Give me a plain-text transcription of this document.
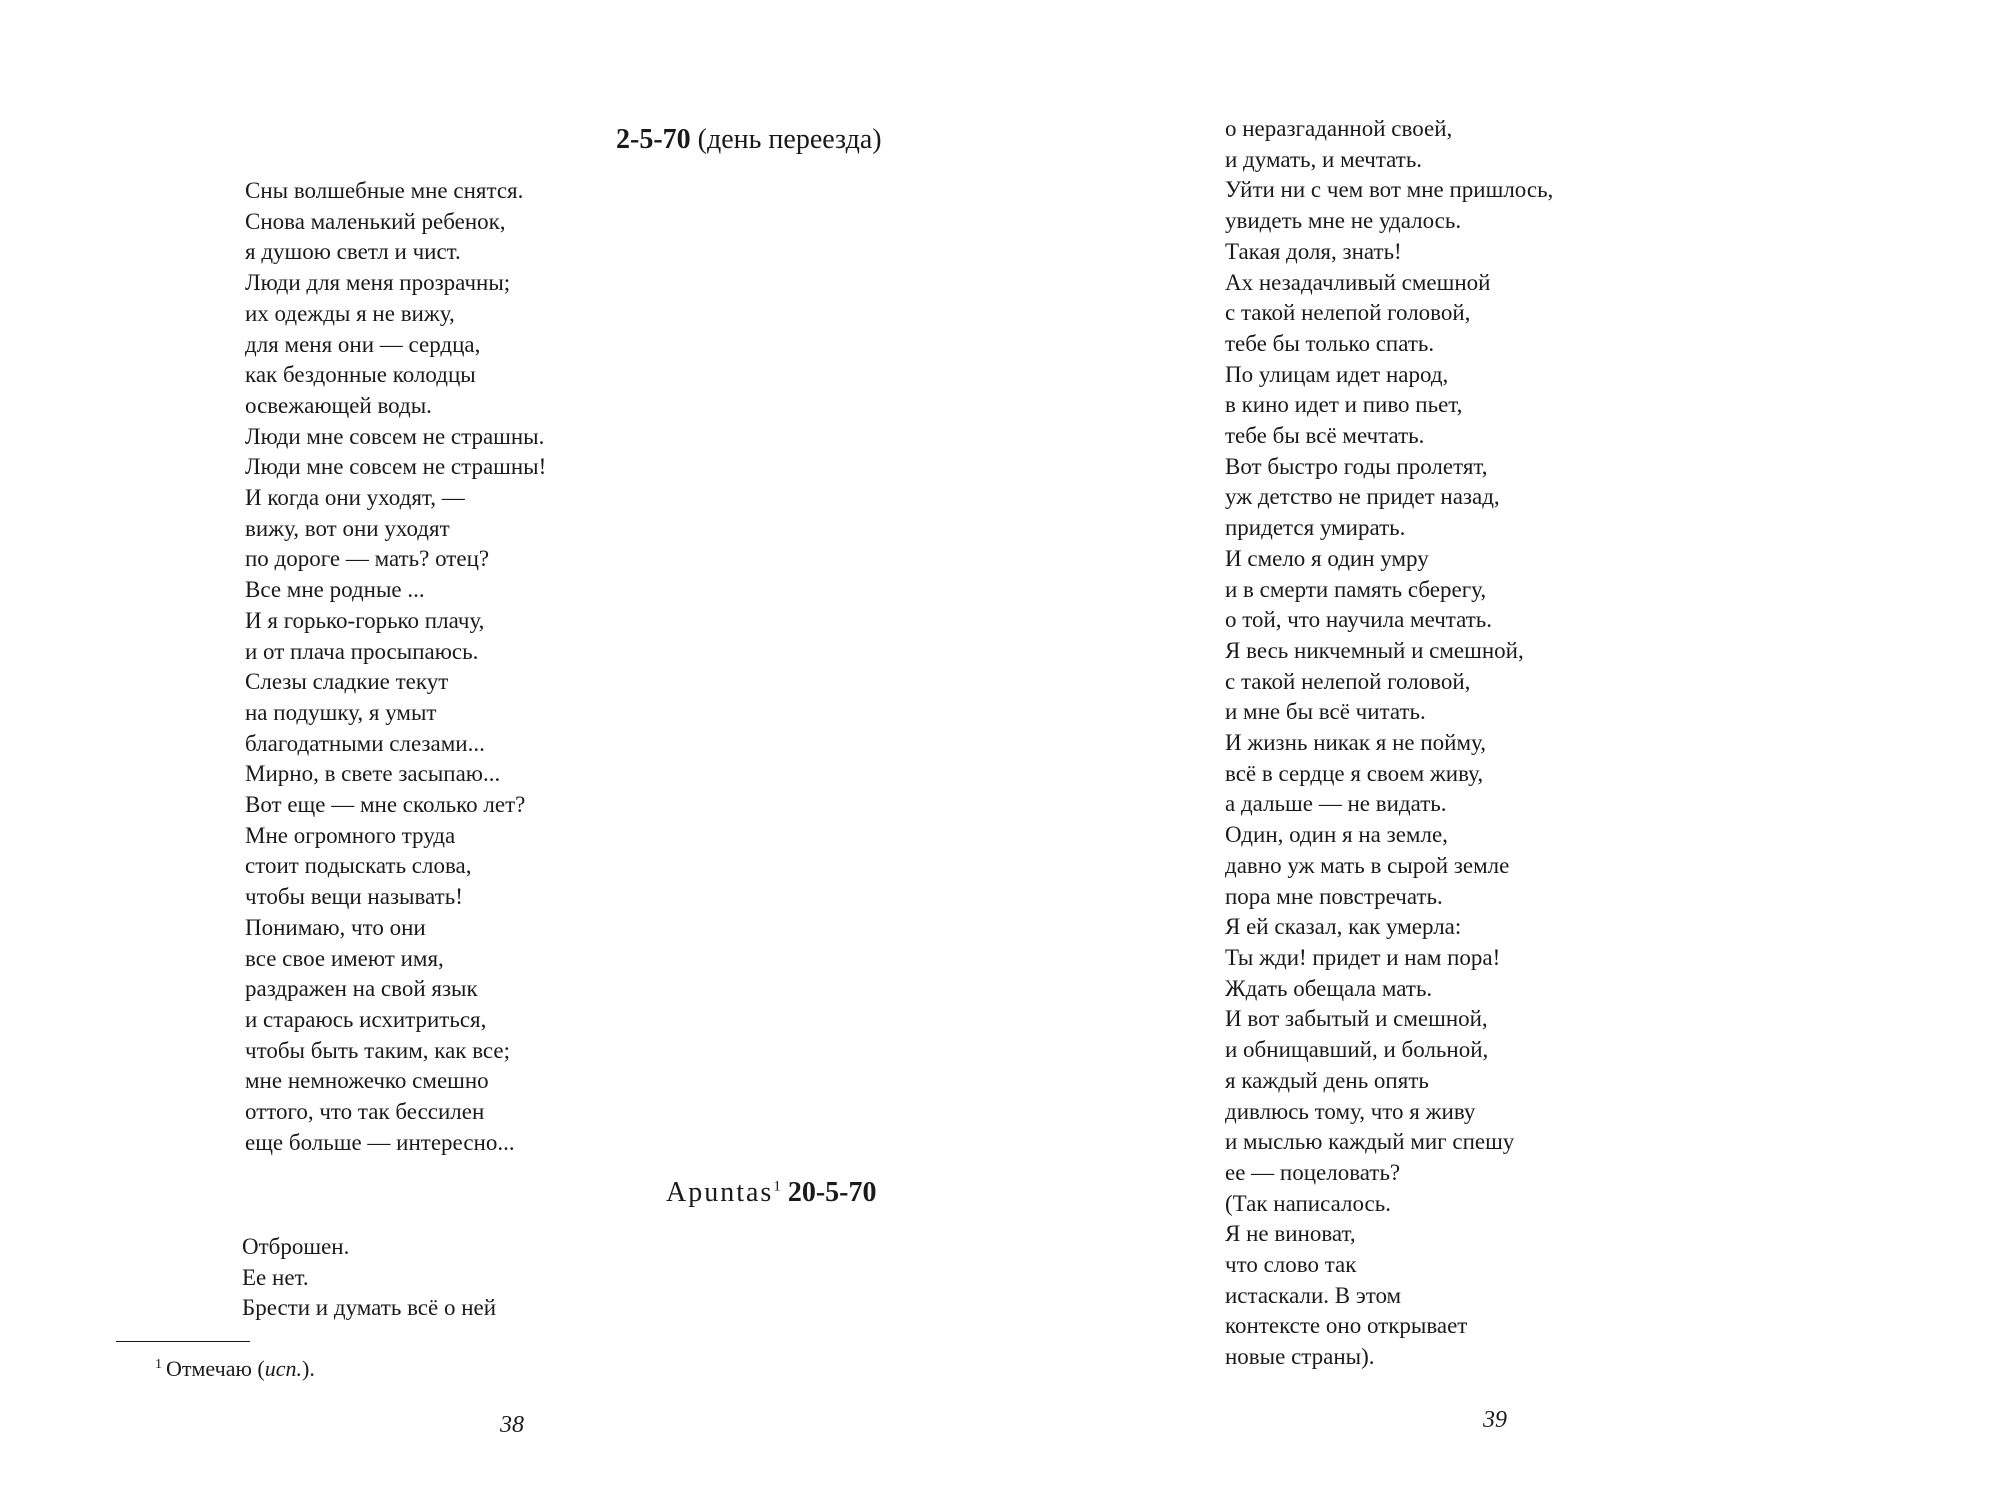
2-5-70 (день переезда)
Сны волшебные мне снятся.
Снова маленький ребенок,
я душою светл и чист.
Люди для меня прозрачны;
их одежды я не вижу,
для меня они — сердца,
как бездонные колодцы
освежающей воды.
Люди мне совсем не страшны.
Люди мне совсем не страшны!
И когда они уходят, —
вижу, вот они уходят
по дороге — мать? отец?
Все мне родные ...
И я горько-горько плачу,
и от плача просыпаюсь.
Слезы сладкие текут
на подушку, я умыт
благодатными слезами...
Мирно, в свете засыпаю...
Вот еще — мне сколько лет?
Мне огромного труда
стоит подыскать слова,
чтобы вещи называть!
Понимаю, что они
все свое имеют имя,
раздражен на свой язык
и стараюсь исхитриться,
чтобы быть таким, как все;
мне немножечко смешно
оттого, что так бессилен
еще больше — интересно...
Apuntas$^1$ 20-5-70
Отброшен.
Ее нет.
Брести и думать всё о ней
$^1$ Отмечаю (исп.).
38
о неразгаданной своей,
и думать, и мечтать.
Уйти ни с чем вот мне пришлось,
увидеть мне не удалось.
Такая доля, знать!
Ах незадачливый смешной
с такой нелепой головой,
тебе бы только спать.
По улицам идет народ,
в кино идет и пиво пьет,
тебе бы всё мечтать.
Вот быстро годы пролетят,
уж детство не придет назад,
придется умирать.
И смело я один умру
и в смерти память сберегу,
о той, что научила мечтать.
Я весь никчемный и смешной,
с такой нелепой головой,
и мне бы всё читать.
И жизнь никак я не пойму,
всё в сердце я своем живу,
а дальше — не видать.
Один, один я на земле,
давно уж мать в сырой земле
пора мне повстречать.
Я ей сказал, как умерла:
Ты жди! придет и нам пора!
Ждать обещала мать.
И вот забытый и смешной,
и обнищавший, и больной,
я каждый день опять
дивлюсь тому, что я живу
и мыслью каждый миг спешу
ее — поцеловать?
(Так написалось.
Я не виноват,
что слово так
истаскали. В этом
контексте оно открывает
новые страны).
39
